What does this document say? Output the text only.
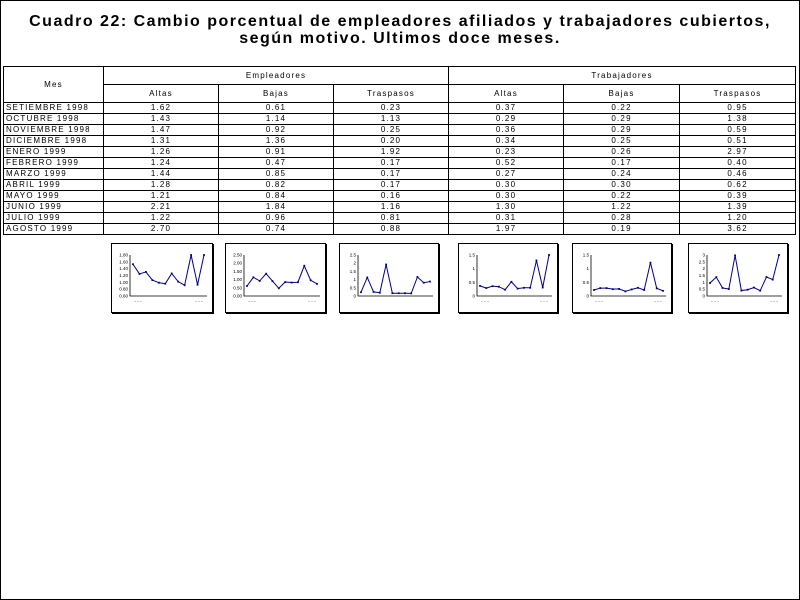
Cuadro 22: Cambio porcentual de empleadores afiliados y trabajadores cubiertos,
según motivo. Ultimos doce meses.
Mes	Empleadores			Trabajadores		
	Altas	Bajas	Traspasos	Altas	Bajas	Traspasos
SETIEMBRE 1998	1.62	0.61	0.23	0.37	0.22	0.95
OCTUBRE 1998	1.43	1.14	1.13	0.29	0.29	1.38
NOVIEMBRE 1998	1.47	0.92	0.25	0.36	0.29	0.59
DICIEMBRE 1998	1.31	1.36	0.20	0.34	0.25	0.51
ENERO 1999	1.26	0.91	1.92	0.23	0.26	2.97
FEBRERO 1999	1.24	0.47	0.17	0.52	0.17	0.40
MARZO 1999	1.44	0.85	0.17	0.27	0.24	0.46
ABRIL 1999	1.28	0.82	0.17	0.30	0.30	0.62
MAYO 1999	1.21	0.84	0.16	0.30	0.22	0.39
JUNIO 1999	2.21	1.84	1.16	1.30	1.22	1.39
JULIO 1999	1.22	0.96	0.81	0.31	0.28	1.20
AGOSTO 1999	2.70	0.74	0.88	1.97	0.19	3.62
1.80
1.60
1.40
1.20
1.00
0.80
0.60
······	······
2.50
2.00
1.50
1.00
0.50
0.00
······	······
2.5
2
1.5
1
0.5
0
1.5
1
0.5
0
······	······
1.5
1
0.5
0
······	······
3
2.5
2
1.5
1
0.5
0
······	······
